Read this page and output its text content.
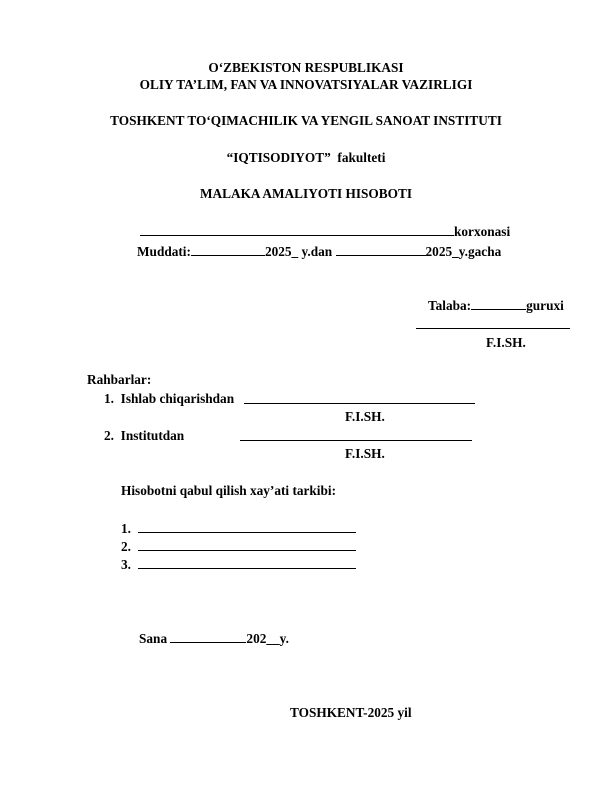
O‘ZBEKISTON RESPUBLIKASI
OLIY TA’LIM, FAN VA INNOVATSIYALAR VAZIRLIGI
TOSHKENT TO‘QIMACHILIK VA YENGIL SANOAT INSTITUTI
“IQTISODIYOT” fakulteti
MALAKA AMALIYOTI HISOBOTI
korxonasi
Muddati:	2025_ y.dan	2025_y.gacha
Talaba:	guruxi
F.I.SH.
Rahbarlar:
1. Ishlab chiqarishdan
F.I.SH.
2. Institutdan
F.I.SH.
Hisobotni qabul qilish xay’ati tarkibi:
1.
2.
3.
Sana	202__y.
TOSHKENT-2025 yil
